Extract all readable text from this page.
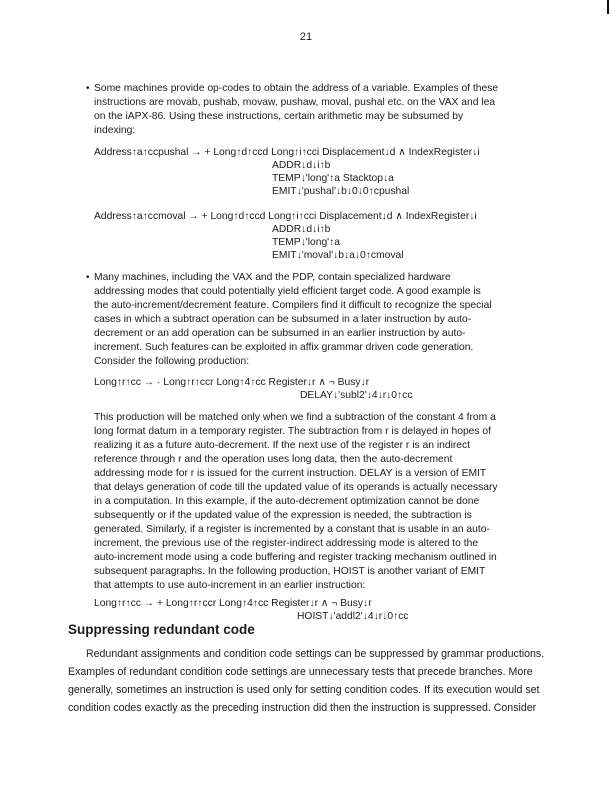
21
• Some machines provide op-codes to obtain the address of a variable. Examples of these
instructions are movab, pushab, movaw, pushaw, moval, pushal etc. on the VAX and lea
on the iAPX-86. Using these instructions, certain arithmetic may be subsumed by
indexing:
Address↑a↑ccpushal → + Long↑d↑ccd Long↑i↑cci Displacement↓d ∧ IndexRegister↓i
ADDR↓d↓i↑b
TEMP↓'long'↑a Stacktop↓a
EMIT↓'pushal'↓b↓0↓0↑cpushal
Address↑a↑ccmoval → + Long↑d↑ccd Long↑i↑cci Displacement↓d ∧ IndexRegister↓i
ADDR↓d↓i↑b
TEMP↓'long'↑a
EMIT↓'moval'↓b↓a↓0↑cmoval
• Many machines, including the VAX and the PDP, contain specialized hardware
addressing modes that could potentially yield efficient target code. A good example is
the auto-increment/decrement feature. Compilers find it difficult to recognize the special
cases in which a subtract operation can be subsumed in a later instruction by auto-
decrement or an add operation can be subsumed in an earlier instruction by auto-
increment. Such features can be exploited in affix grammar driven code generation.
Consider the following production:
Long↑r↑cc → · Long↑r↑ccr Long↑4↑cc Register↓r ∧ ¬ Busy↓r
DELAY↓'subl2'↓4↓r↓0↑cc
This production will be matched only when we find a subtraction of the constant 4 from a
long format datum in a temporary register. The subtraction from r is delayed in hopes of
realizing it as a future auto-decrement. If the next use of the register r is an indirect
reference through r and the operation uses long data, then the auto-decrement
addressing mode for r is issued for the current instruction. DELAY is a version of EMIT
that delays generation of code till the updated value of its operands is actually necessary
in a computation. In this example, if the auto-decrement optimization cannot be done
subsequently or if the updated value of the expression is needed, the subtraction is
generated. Similarly, if a register is incremented by a constant that is usable in an auto-
increment, the previous use of the register-indirect addressing mode is altered to the
auto-increment mode using a code buffering and register tracking mechanism outlined in
subsequent paragraphs. In the following production, HOIST is another variant of EMIT
that attempts to use auto-increment in an earlier instruction:
Long↑r↑cc → + Long↑r↑ccr Long↑4↑cc Register↓r ∧ ¬ Busy↓r
HOIST↓'addl2'↓4↓r↓0↑cc
Suppressing redundant code
Redundant assignments and condition code settings can be suppressed by grammar productions.
Examples of redundant condition code settings are unnecessary tests that precede branches. More
generally, sometimes an instruction is used only for setting condition codes. If its execution would set
condition codes exactly as the preceding instruction did then the instruction is suppressed. Consider
